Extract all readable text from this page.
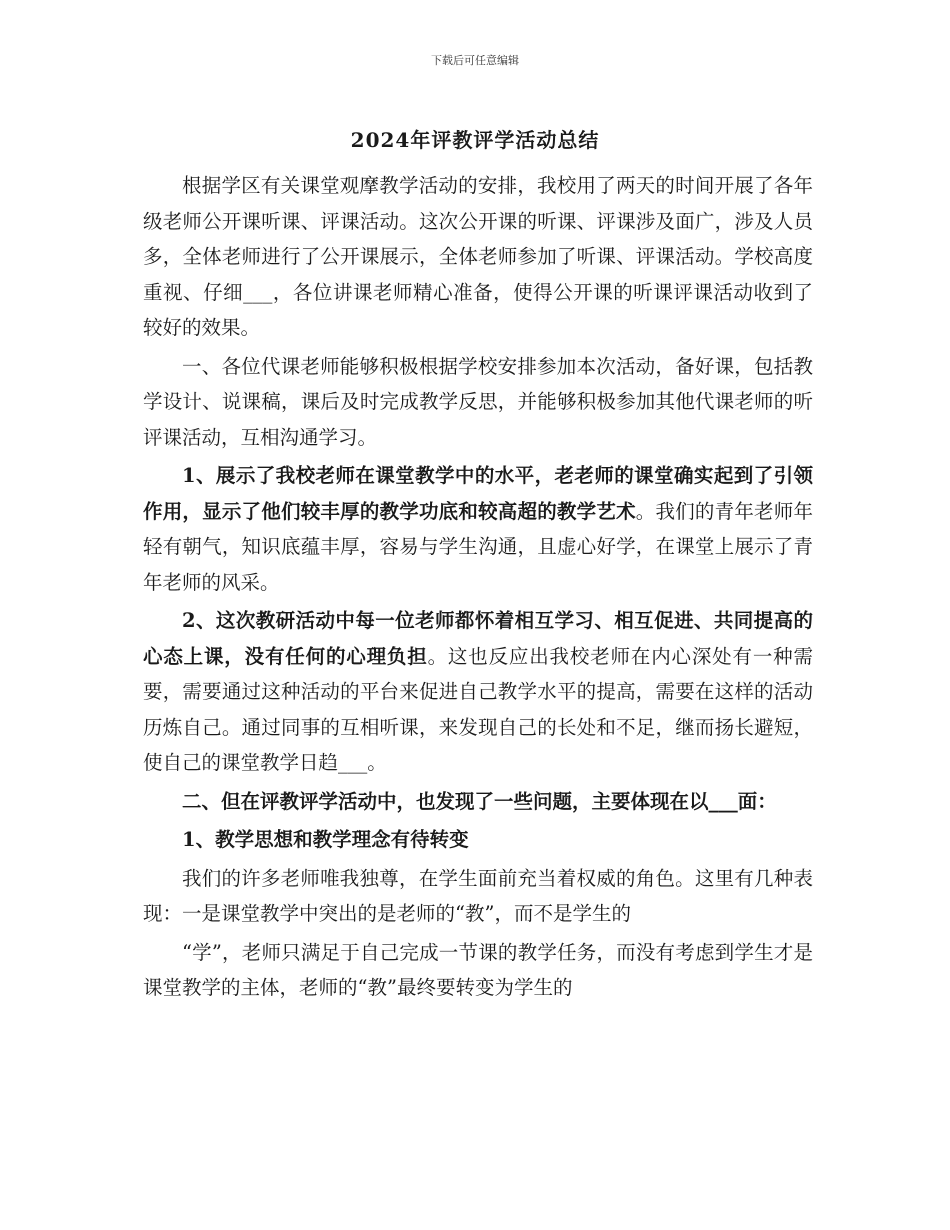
下载后可任意编辑
2024年评教评学活动总结

根据学区有关课堂观摩教学活动的安排，我校用了两天的时间开展了各年级老师公开课听课、评课活动。这次公开课的听课、评课涉及面广，涉及人员多，全体老师进行了公开课展示，全体老师参加了听课、评课活动。学校高度重视、仔细___，各位讲课老师精心准备，使得公开课的听课评课活动收到了较好的效果。

一、各位代课老师能够积极根据学校安排参加本次活动，备好课，包括教学设计、说课稿，课后及时完成教学反思，并能够积极参加其他代课老师的听评课活动，互相沟通学习。

1、展示了我校老师在课堂教学中的水平，老老师的课堂确实起到了引领作用，显示了他们较丰厚的教学功底和较高超的教学艺术。我们的青年老师年轻有朝气，知识底蕴丰厚，容易与学生沟通，且虚心好学，在课堂上展示了青年老师的风采。

2、这次教研活动中每一位老师都怀着相互学习、相互促进、共同提高的心态上课，没有任何的心理负担。这也反应出我校老师在内心深处有一种需要，需要通过这种活动的平台来促进自己教学水平的提高，需要在这样的活动历炼自己。通过同事的互相听课，来发现自己的长处和不足，继而扬长避短，使自己的课堂教学日趋___。

二、但在评教评学活动中，也发现了一些问题，主要体现在以___面：

1、教学思想和教学理念有待转变

我们的许多老师唯我独尊，在学生面前充当着权威的角色。这里有几种表现：一是课堂教学中突出的是老师的“教”，而不是学生的

“学”，老师只满足于自己完成一节课的教学任务，而没有考虑到学生才是课堂教学的主体，老师的“教”最终要转变为学生的
